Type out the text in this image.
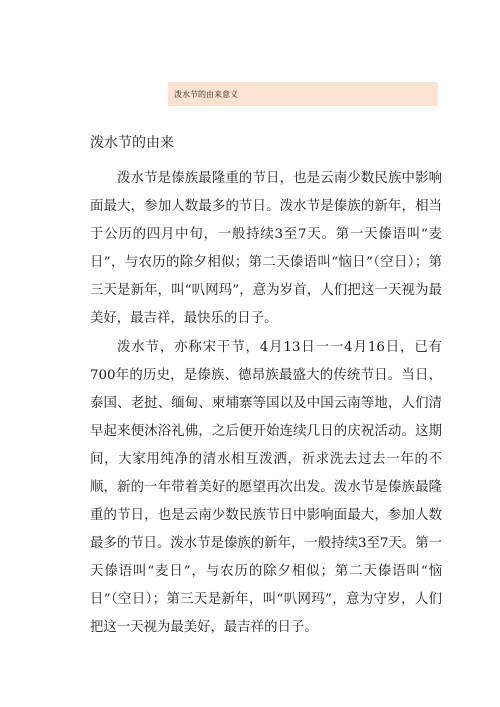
泼水节的由来意义
泼水节的由来

泼水节是傣族最隆重的节日，也是云南少数民族中影响面最大，参加人数最多的节日。泼水节是傣族的新年，相当于公历的四月中旬，一般持续3至7天。第一天傣语叫“麦日”，与农历的除夕相似；第二天傣语叫“恼日”（空日）；第三天是新年，叫“叭网玛”，意为岁首，人们把这一天视为最美好，最吉祥，最快乐的日子。

泼水节，亦称宋干节，4月13日一一4月16日，已有700年的历史，是傣族、德昂族最盛大的传统节日。当日，泰国、老挝、缅甸、柬埔寨等国以及中国云南等地，人们清早起来便沐浴礼佛，之后便开始连续几日的庆祝活动。这期间，大家用纯净的清水相互泼洒，祈求洗去过去一年的不顺，新的一年带着美好的愿望再次出发。泼水节是傣族最隆重的节日，也是云南少数民族节日中影响面最大，参加人数最多的节日。泼水节是傣族的新年，一般持续3至7天。第一天傣语叫“麦日”，与农历的除夕相似；第二天傣语叫“恼日”（空日）；第三天是新年，叫“叭网玛”，意为守岁，人们把这一天视为最美好，最吉祥的日子。
